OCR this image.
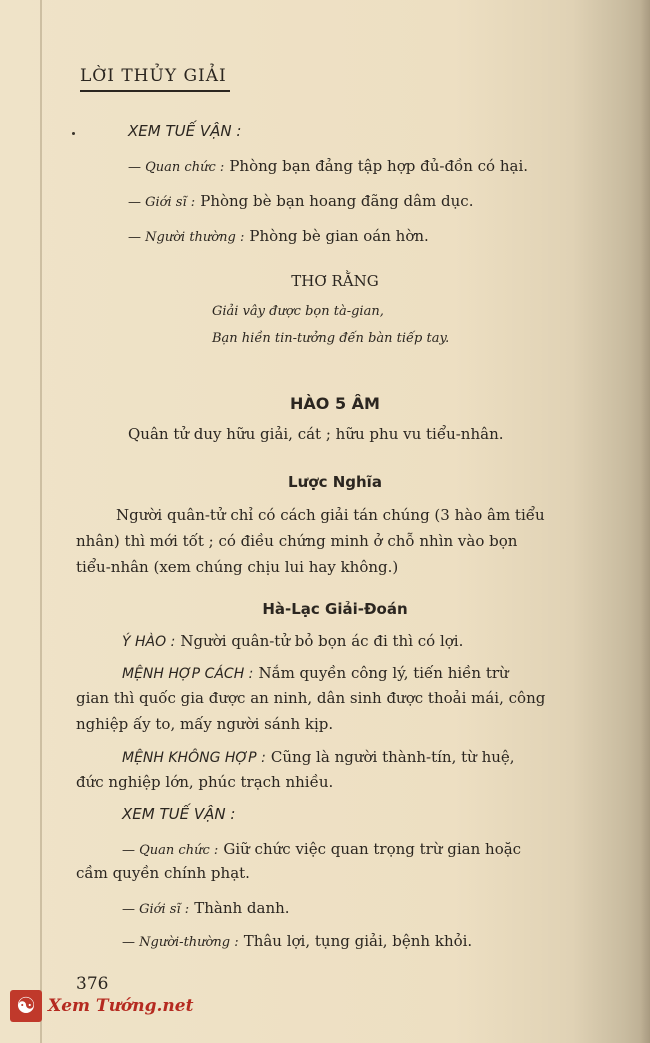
LỜI THỦY GIẢI
XEM TUẾ VẬN :
— Quan chức : Phòng bạn đảng tập hợp đủ-đồn có hại.
— Giới sĩ : Phòng bè bạn hoang đãng dâm dục.
— Người thường : Phòng bè gian oán hờn.
THƠ RẰNG
Giải vây được bọn tà-gian,
Bạn hiền tin-tưởng đến bàn tiếp tay.
HÀO 5 ÂM
Quân tử duy hữu giải, cát ; hữu phu vu tiểu-nhân.
Lược Nghĩa
Người quân-tử chỉ có cách giải tán chúng (3 hào âm tiểu
nhân) thì mới tốt ; có điều chứng minh ở chỗ nhìn vào bọn
tiểu-nhân (xem chúng chịu lui hay không.)
Hà-Lạc Giải-Đoán
Ý HÀO : Người quân-tử bỏ bọn ác đi thì có lợi.
MỆNH HỢP CÁCH : Nắm quyền công lý, tiến hiền trừ
gian thì quốc gia được an ninh, dân sinh được thoải mái, công
nghiệp ấy to, mấy người sánh kịp.
MỆNH KHÔNG HỢP : Cũng là người thành-tín, từ huệ,
đức nghiệp lớn, phúc trạch nhiều.
XEM TUẾ VẬN :
— Quan chức : Giữ chức việc quan trọng trừ gian hoặc
cầm quyền chính phạt.
— Giới sĩ : Thành danh.
— Người-thường : Thâu lợi, tụng giải, bệnh khỏi.
376
☯ Xem Tướng.net
